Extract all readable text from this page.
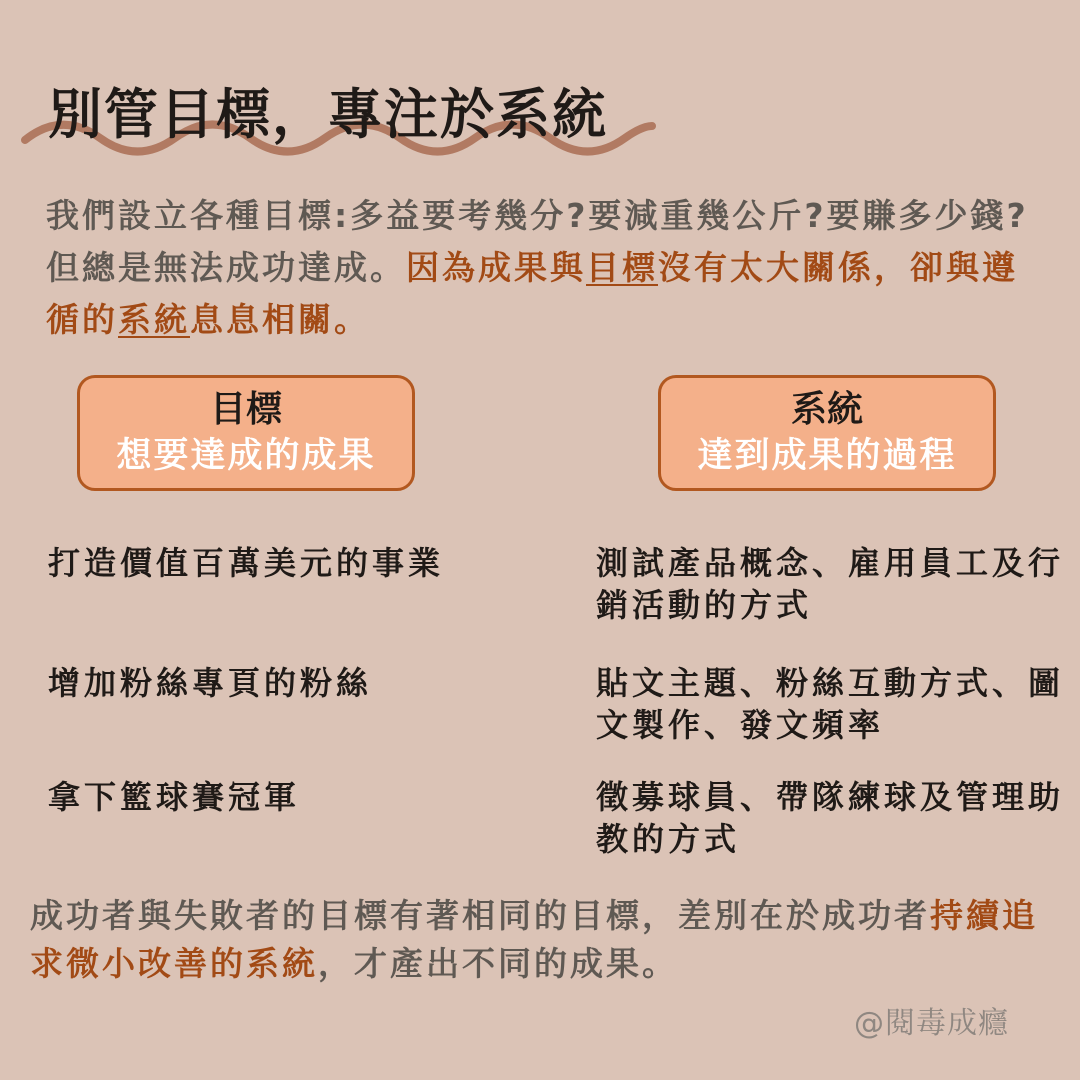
別管目標，專注於系統
我們設立各種目標:多益要考幾分?要減重幾公斤?要賺多少錢?但總是無法成功達成。因為成果與目標沒有太大關係，卻與遵循的系統息息相關。
目標
想要達成的成果
系統
達到成果的過程
打造價值百萬美元的事業	測試產品概念、雇用員工及行銷活動的方式
增加粉絲專頁的粉絲	貼文主題、粉絲互動方式、圖文製作、發文頻率
拿下籃球賽冠軍	徵募球員、帶隊練球及管理助教的方式
成功者與失敗者的目標有著相同的目標，差別在於成功者持續追求微小改善的系統，才產出不同的成果。
@閱毒成癮
